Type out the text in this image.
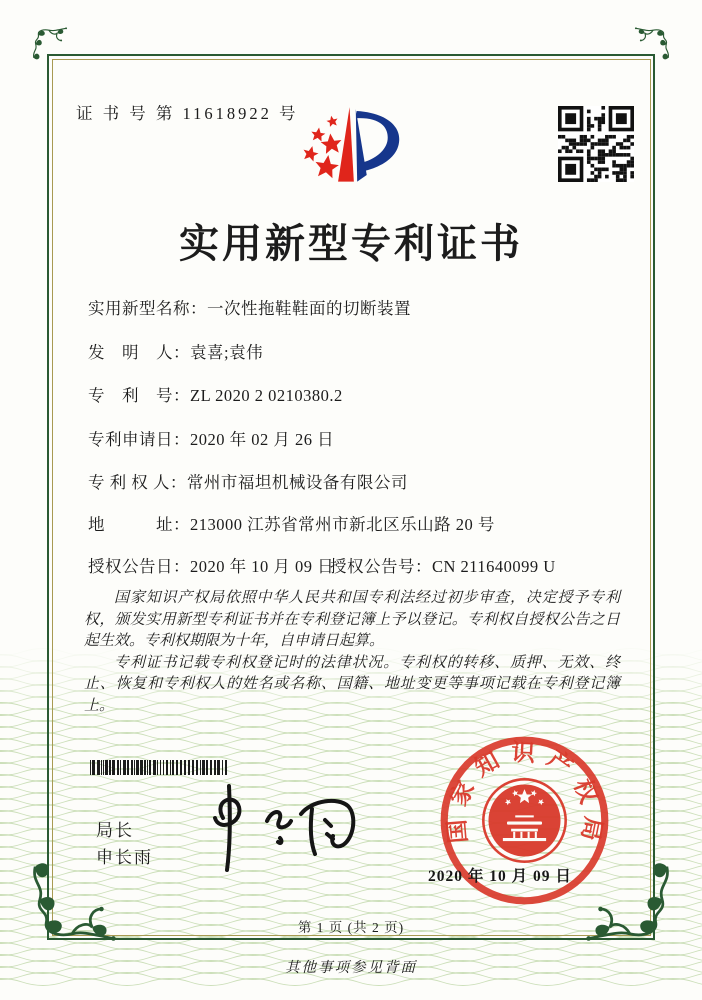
证 书 号 第 11618922 号
实用新型专利证书
实用新型名称：一次性拖鞋鞋面的切断装置
发　明　人：袁喜;袁伟
专　利　号：ZL 2020 2 0210380.2
专利申请日：2020 年 02 月 26 日
专 利 权 人：常州市福坦机械设备有限公司
地　　　址：213000 江苏省常州市新北区乐山路 20 号
授权公告日：2020 年 10 月 09 日
授权公告号：CN 211640099 U

国家知识产权局依照中华人民共和国专利法经过初步审查，决定授予专利权，颁发实用新型专利证书并在专利登记簿上予以登记。专利权自授权公告之日起生效。专利权期限为十年，自申请日起算。

专利证书记载专利权登记时的法律状况。专利权的转移、质押、无效、终止、恢复和专利权人的姓名或名称、国籍、地址变更等事项记载在专利登记簿上。

局长
申长雨
国家知识产权局
2020 年 10 月 09 日
第 1 页 (共 2 页)
其他事项参见背面
